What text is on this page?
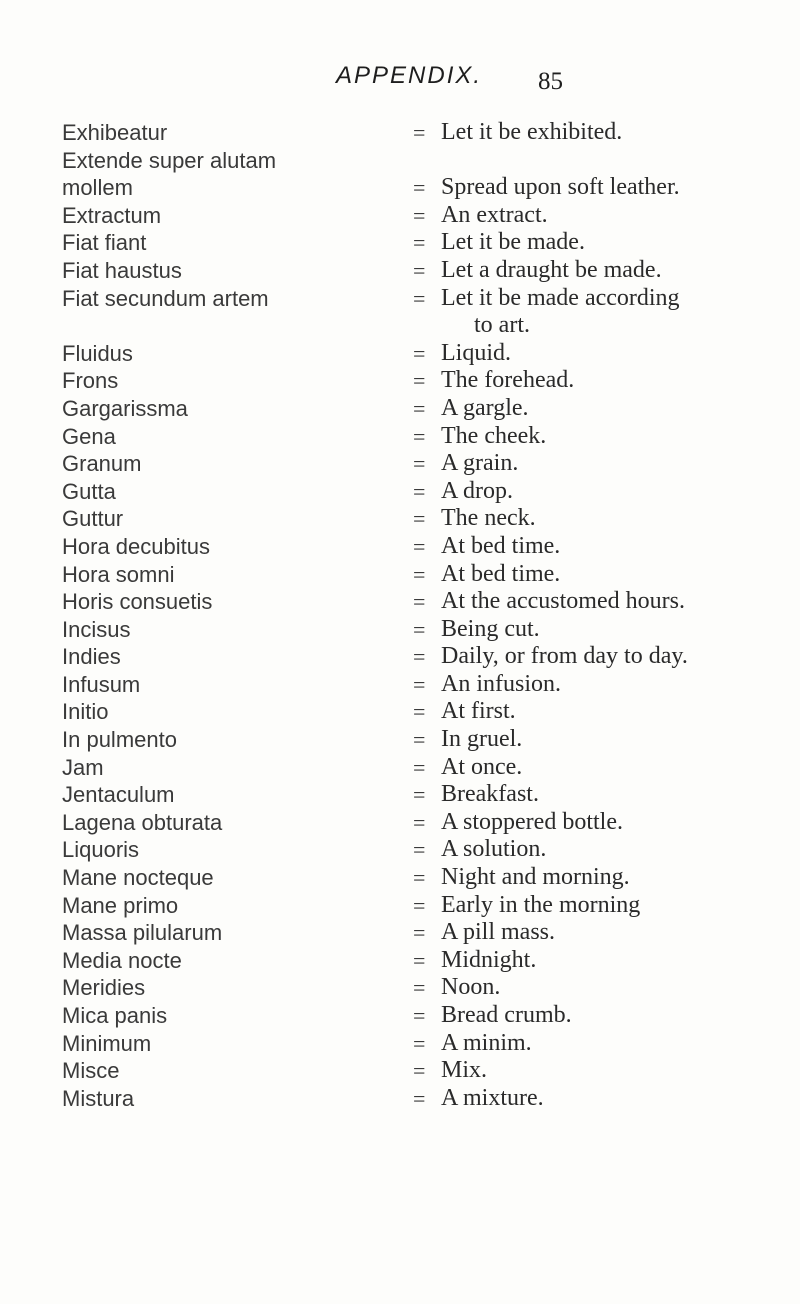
APPENDIX. 85
Exhibeatur	= Let it be exhibited.
Extende super alutam
mollem	= Spread upon soft leather.
Extractum	= An extract.
Fiat fiant	= Let it be made.
Fiat haustus	= Let a draught be made.
Fiat secundum artem	= Let it be made according
to art.
Fluidus	= Liquid.
Frons	= The forehead.
Gargarissma	= A gargle.
Gena	= The cheek.
Granum	= A grain.
Gutta	= A drop.
Guttur	= The neck.
Hora decubitus	= At bed time.
Hora somni	= At bed time.
Horis consuetis	= At the accustomed hours.
Incisus	= Being cut.
Indies	= Daily, or from day to day.
Infusum	= An infusion.
Initio	= At first.
In pulmento	= In gruel.
Jam	= At once.
Jentaculum	= Breakfast.
Lagena obturata	= A stoppered bottle.
Liquoris	= A solution.
Mane nocteque	= Night and morning.
Mane primo	= Early in the morning
Massa pilularum	= A pill mass.
Media nocte	= Midnight.
Meridies	= Noon.
Mica panis	= Bread crumb.
Minimum	= A minim.
Misce	= Mix.
Mistura	= A mixture.
